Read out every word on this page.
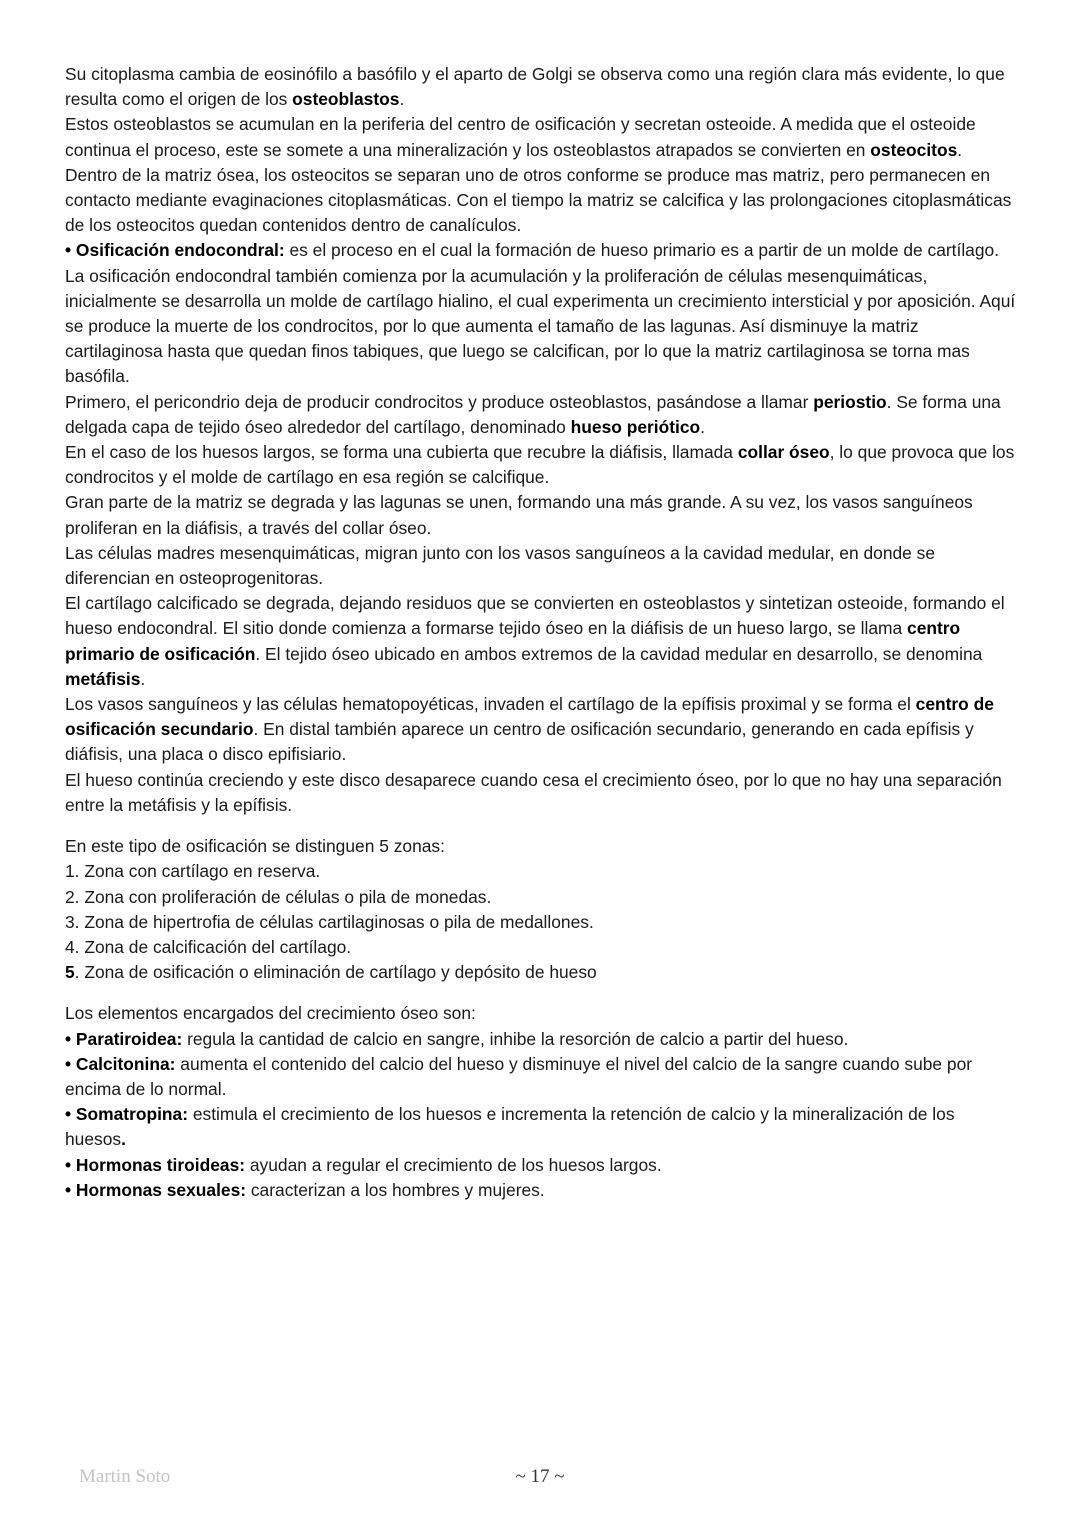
Su citoplasma cambia de eosinófilo a basófilo y el aparto de Golgi se observa como una región clara más evidente, lo que resulta como el origen de los osteoblastos.

Estos osteoblastos se acumulan en la periferia del centro de osificación y secretan osteoide. A medida que el osteoide continua el proceso, este se somete a una mineralización y los osteoblastos atrapados se convierten en osteocitos.

Dentro de la matriz ósea, los osteocitos se separan uno de otros conforme se produce mas matriz, pero permanecen en contacto mediante evaginaciones citoplasmáticas. Con el tiempo la matriz se calcifica y las prolongaciones citoplasmáticas de los osteocitos quedan contenidos dentro de canalículos.

• Osificación endocondral: es el proceso en el cual la formación de hueso primario es a partir de un molde de cartílago. La osificación endocondral también comienza por la acumulación y la proliferación de células mesenquimáticas, inicialmente se desarrolla un molde de cartílago hialino, el cual experimenta un crecimiento intersticial y por aposición. Aquí se produce la muerte de los condrocitos, por lo que aumenta el tamaño de las lagunas. Así disminuye la matriz cartilaginosa hasta que quedan finos tabiques, que luego se calcifican, por lo que la matriz cartilaginosa se torna mas basófila.

Primero, el pericondrio deja de producir condrocitos y produce osteoblastos, pasándose a llamar periostio. Se forma una delgada capa de tejido óseo alrededor del cartílago, denominado hueso periótico.

En el caso de los huesos largos, se forma una cubierta que recubre la diáfisis, llamada collar óseo, lo que provoca que los condrocitos y el molde de cartílago en esa región se calcifique.

Gran parte de la matriz se degrada y las lagunas se unen, formando una más grande. A su vez, los vasos sanguíneos proliferan en la diáfisis, a través del collar óseo.

Las células madres mesenquimáticas, migran junto con los vasos sanguíneos a la cavidad medular, en donde se diferencian en osteoprogenitoras.

El cartílago calcificado se degrada, dejando residuos que se convierten en osteoblastos y sintetizan osteoide, formando el hueso endocondral. El sitio donde comienza a formarse tejido óseo en la diáfisis de un hueso largo, se llama centro primario de osificación. El tejido óseo ubicado en ambos extremos de la cavidad medular en desarrollo, se denomina metáfisis.

Los vasos sanguíneos y las células hematopoyéticas, invaden el cartílago de la epífisis proximal y se forma el centro de osificación secundario. En distal también aparece un centro de osificación secundario, generando en cada epífisis y diáfisis, una placa o disco epifisiario.

El hueso continúa creciendo y este disco desaparece cuando cesa el crecimiento óseo, por lo que no hay una separación entre la metáfisis y la epífisis.

En este tipo de osificación se distinguen 5 zonas:

1. Zona con cartílago en reserva.

2. Zona con proliferación de células o pila de monedas.

3. Zona de hipertrofia de células cartilaginosas o pila de medallones.

4. Zona de calcificación del cartílago.

5. Zona de osificación o eliminación de cartílago y depósito de hueso

Los elementos encargados del crecimiento óseo son:

• Paratiroidea: regula la cantidad de calcio en sangre, inhibe la resorción de calcio a partir del hueso.

• Calcitonina: aumenta el contenido del calcio del hueso y disminuye el nivel del calcio de la sangre cuando sube por encima de lo normal.

• Somatropina: estimula el crecimiento de los huesos e incrementa la retención de calcio y la mineralización de los huesos.

• Hormonas tiroideas: ayudan a regular el crecimiento de los huesos largos.

• Hormonas sexuales: caracterizan a los hombres y mujeres.

Martin Soto	~ 17 ~
